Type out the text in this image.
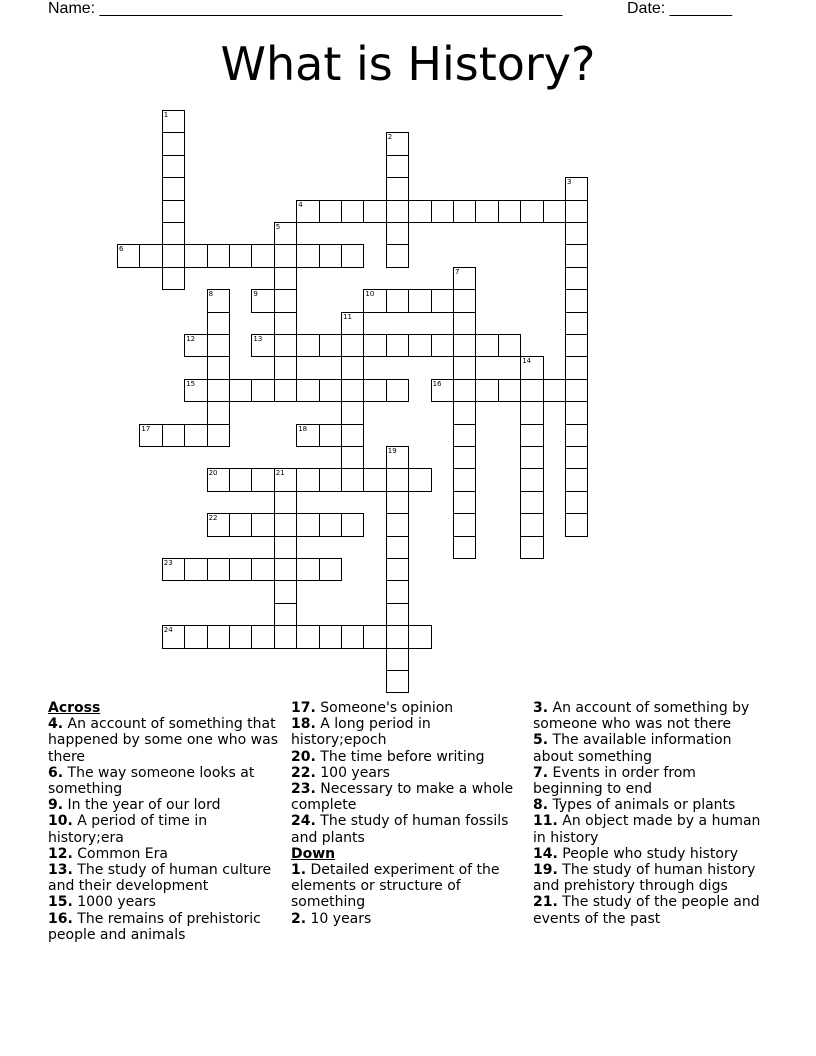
Name: ____________________________________________________	Date: _______
What is History?
1
2
3
4
5
6
7
8	9	10
11
12	13
14
15	16
17	18
19
20	21
22
23
24
Across
4. An account of something that happened by some one who was there
6. The way someone looks at something
9. In the year of our lord
10. A period of time in history;era
12. Common Era
13. The study of human culture and their development
15. 1000 years
16. The remains of prehistoric people and animals
17. Someone's opinion
18. A long period in history;epoch
20. The time before writing
22. 100 years
23. Necessary to make a whole complete
24. The study of human fossils and plants
Down
1. Detailed experiment of the elements or structure of something
2. 10 years
3. An account of something by someone who was not there
5. The available information about something
7. Events in order from beginning to end
8. Types of animals or plants
11. An object made by a human in history
14. People who study history
19. The study of human history and prehistory through digs
21. The study of the people and events of the past
